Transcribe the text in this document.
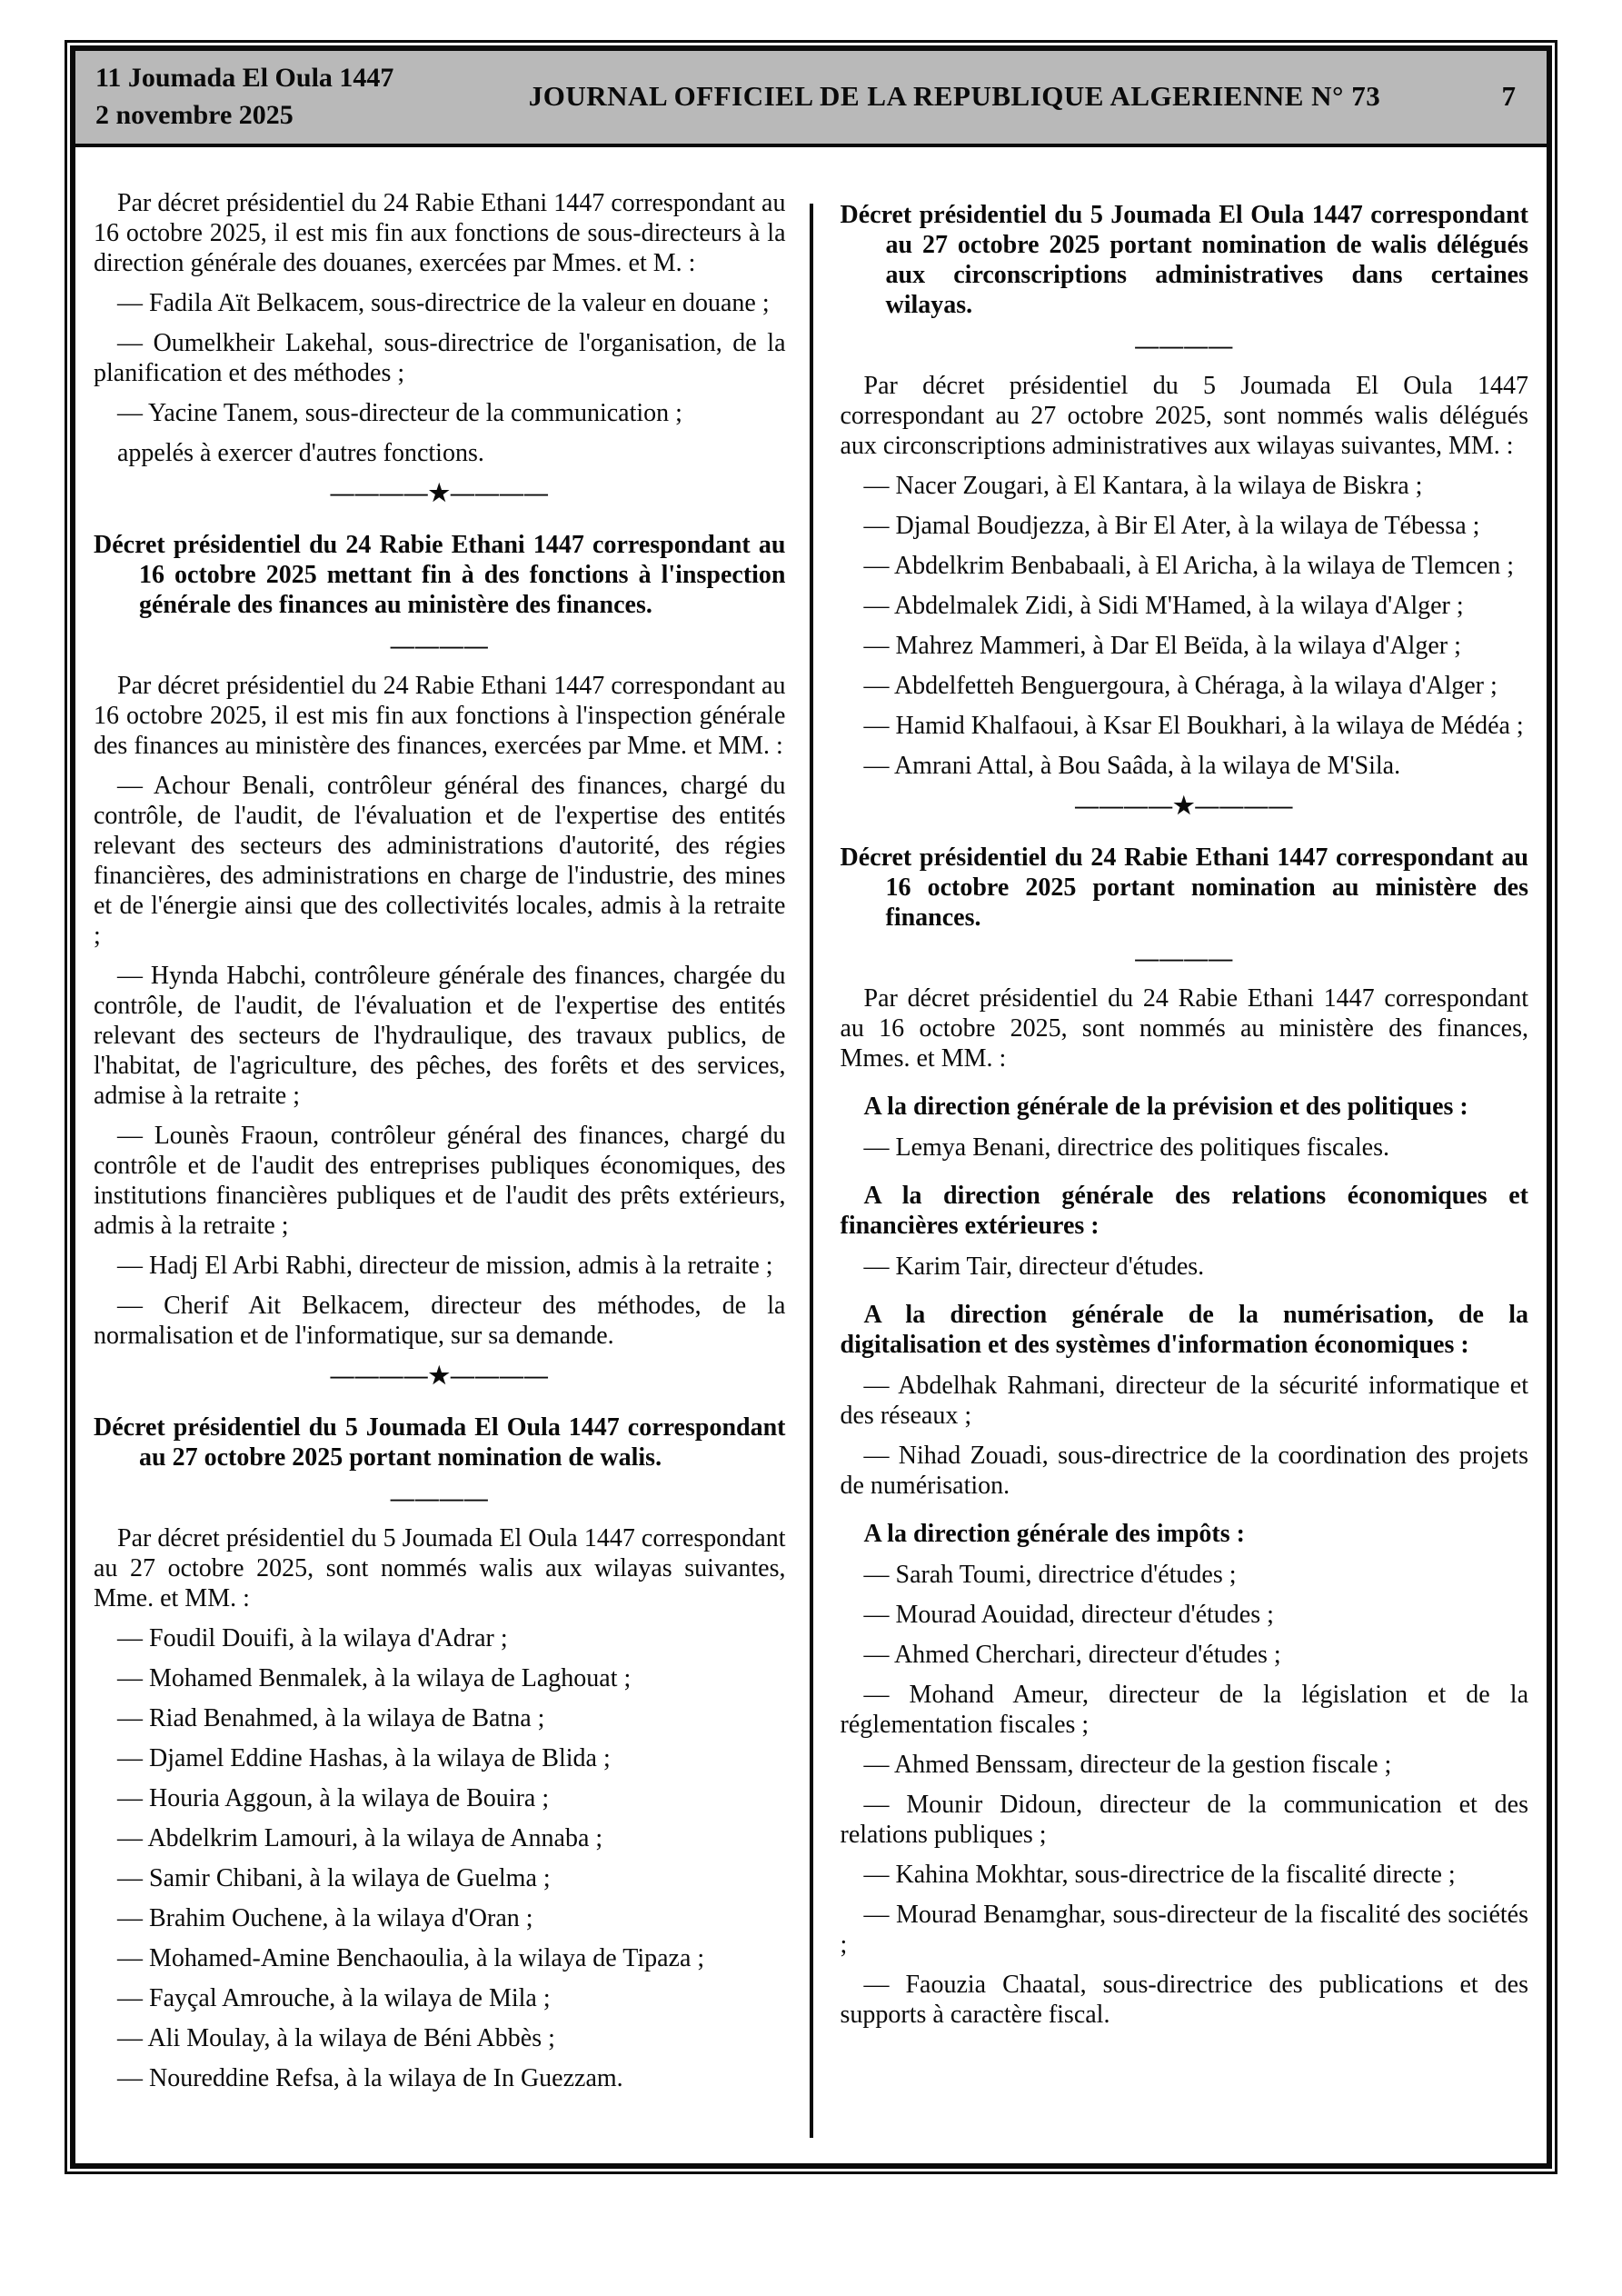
11 Joumada El Oula 1447
2 novembre 2025
JOURNAL OFFICIEL DE LA REPUBLIQUE ALGERIENNE N° 73	7
Par décret présidentiel du 24 Rabie Ethani 1447 correspondant au 16 octobre 2025, il est mis fin aux fonctions de sous-directeurs à la direction générale des douanes, exercées par Mmes. et M. :
— Fadila Aït Belkacem, sous-directrice de la valeur en douane ;
— Oumelkheir Lakehal, sous-directrice de l'organisation, de la planification et des méthodes ;
— Yacine Tanem, sous-directeur de la communication ;
appelés à exercer d'autres fonctions.
————★————
Décret présidentiel du 24 Rabie Ethani 1447 correspondant au 16 octobre 2025 mettant fin à des fonctions à l'inspection générale des finances au ministère des finances.
————
Par décret présidentiel du 24 Rabie Ethani 1447 correspondant au 16 octobre 2025, il est mis fin aux fonctions à l'inspection générale des finances au ministère des finances, exercées par Mme. et MM. :
— Achour Benali, contrôleur général des finances, chargé du contrôle, de l'audit, de l'évaluation et de l'expertise des entités relevant des secteurs des administrations d'autorité, des régies financières, des administrations en charge de l'industrie, des mines et de l'énergie ainsi que des collectivités locales, admis à la retraite ;
— Hynda Habchi, contrôleure générale des finances, chargée du contrôle, de l'audit, de l'évaluation et de l'expertise des entités relevant des secteurs de l'hydraulique, des travaux publics, de l'habitat, de l'agriculture, des pêches, des forêts et des services, admise à la retraite ;
— Lounès Fraoun, contrôleur général des finances, chargé du contrôle et de l'audit des entreprises publiques économiques, des institutions financières publiques et de l'audit des prêts extérieurs, admis à la retraite ;
— Hadj El Arbi Rabhi, directeur de mission, admis à la retraite ;
— Cherif Ait Belkacem, directeur des méthodes, de la normalisation et de l'informatique, sur sa demande.
————★————
Décret présidentiel du 5 Joumada El Oula 1447 correspondant au 27 octobre 2025 portant nomination de walis.
————
Par décret présidentiel du 5 Joumada El Oula 1447 correspondant au 27 octobre 2025, sont nommés walis aux wilayas suivantes, Mme. et MM. :
— Foudil Douifi, à la wilaya d'Adrar ;
— Mohamed Benmalek, à la wilaya de Laghouat ;
— Riad Benahmed, à la wilaya de Batna ;
— Djamel Eddine Hashas, à la wilaya de Blida ;
— Houria Aggoun, à la wilaya de Bouira ;
— Abdelkrim Lamouri, à la wilaya de Annaba ;
— Samir Chibani, à la wilaya de Guelma ;
— Brahim Ouchene, à la wilaya d'Oran ;
— Mohamed-Amine Benchaoulia, à la wilaya de Tipaza ;
— Fayçal Amrouche, à la wilaya de Mila ;
— Ali Moulay, à la wilaya de Béni Abbès ;
— Noureddine Refsa, à la wilaya de In Guezzam.
Décret présidentiel du 5 Joumada El Oula 1447 correspondant au 27 octobre 2025 portant nomination de walis délégués aux circonscriptions administratives dans certaines wilayas.
————
Par décret présidentiel du 5 Joumada El Oula 1447 correspondant au 27 octobre 2025, sont nommés walis délégués aux circonscriptions administratives aux wilayas suivantes, MM. :
— Nacer Zougari, à El Kantara, à la wilaya de Biskra ;
— Djamal Boudjezza, à Bir El Ater, à la wilaya de Tébessa ;
— Abdelkrim Benbabaali, à El Aricha, à la wilaya de Tlemcen ;
— Abdelmalek Zidi, à Sidi M'Hamed, à la wilaya d'Alger ;
— Mahrez Mammeri, à Dar El Beïda, à la wilaya d'Alger ;
— Abdelfetteh Benguergoura, à Chéraga, à la wilaya d'Alger ;
— Hamid Khalfaoui, à Ksar El Boukhari, à la wilaya de Médéa ;
— Amrani Attal, à Bou Saâda, à la wilaya de M'Sila.
————★————
Décret présidentiel du 24 Rabie Ethani 1447 correspondant au 16 octobre 2025 portant nomination au ministère des finances.
————
Par décret présidentiel du 24 Rabie Ethani 1447 correspondant au 16 octobre 2025, sont nommés au ministère des finances, Mmes. et MM. :
A la direction générale de la prévision et des politiques :
— Lemya Benani, directrice des politiques fiscales.
A la direction générale des relations économiques et financières extérieures :
— Karim Tair, directeur d'études.
A la direction générale de la numérisation, de la digitalisation et des systèmes d'information économiques :
— Abdelhak Rahmani, directeur de la sécurité informatique et des réseaux ;
— Nihad Zouadi, sous-directrice de la coordination des projets de numérisation.
A la direction générale des impôts :
— Sarah Toumi, directrice d'études ;
— Mourad Aouidad, directeur d'études ;
— Ahmed Cherchari, directeur d'études ;
— Mohand Ameur, directeur de la législation et de la réglementation fiscales ;
— Ahmed Benssam, directeur de la gestion fiscale ;
— Mounir Didoun, directeur de la communication et des relations publiques ;
— Kahina Mokhtar, sous-directrice de la fiscalité directe ;
— Mourad Benamghar, sous-directeur de la fiscalité des sociétés ;
— Faouzia Chaatal, sous-directrice des publications et des supports à caractère fiscal.
